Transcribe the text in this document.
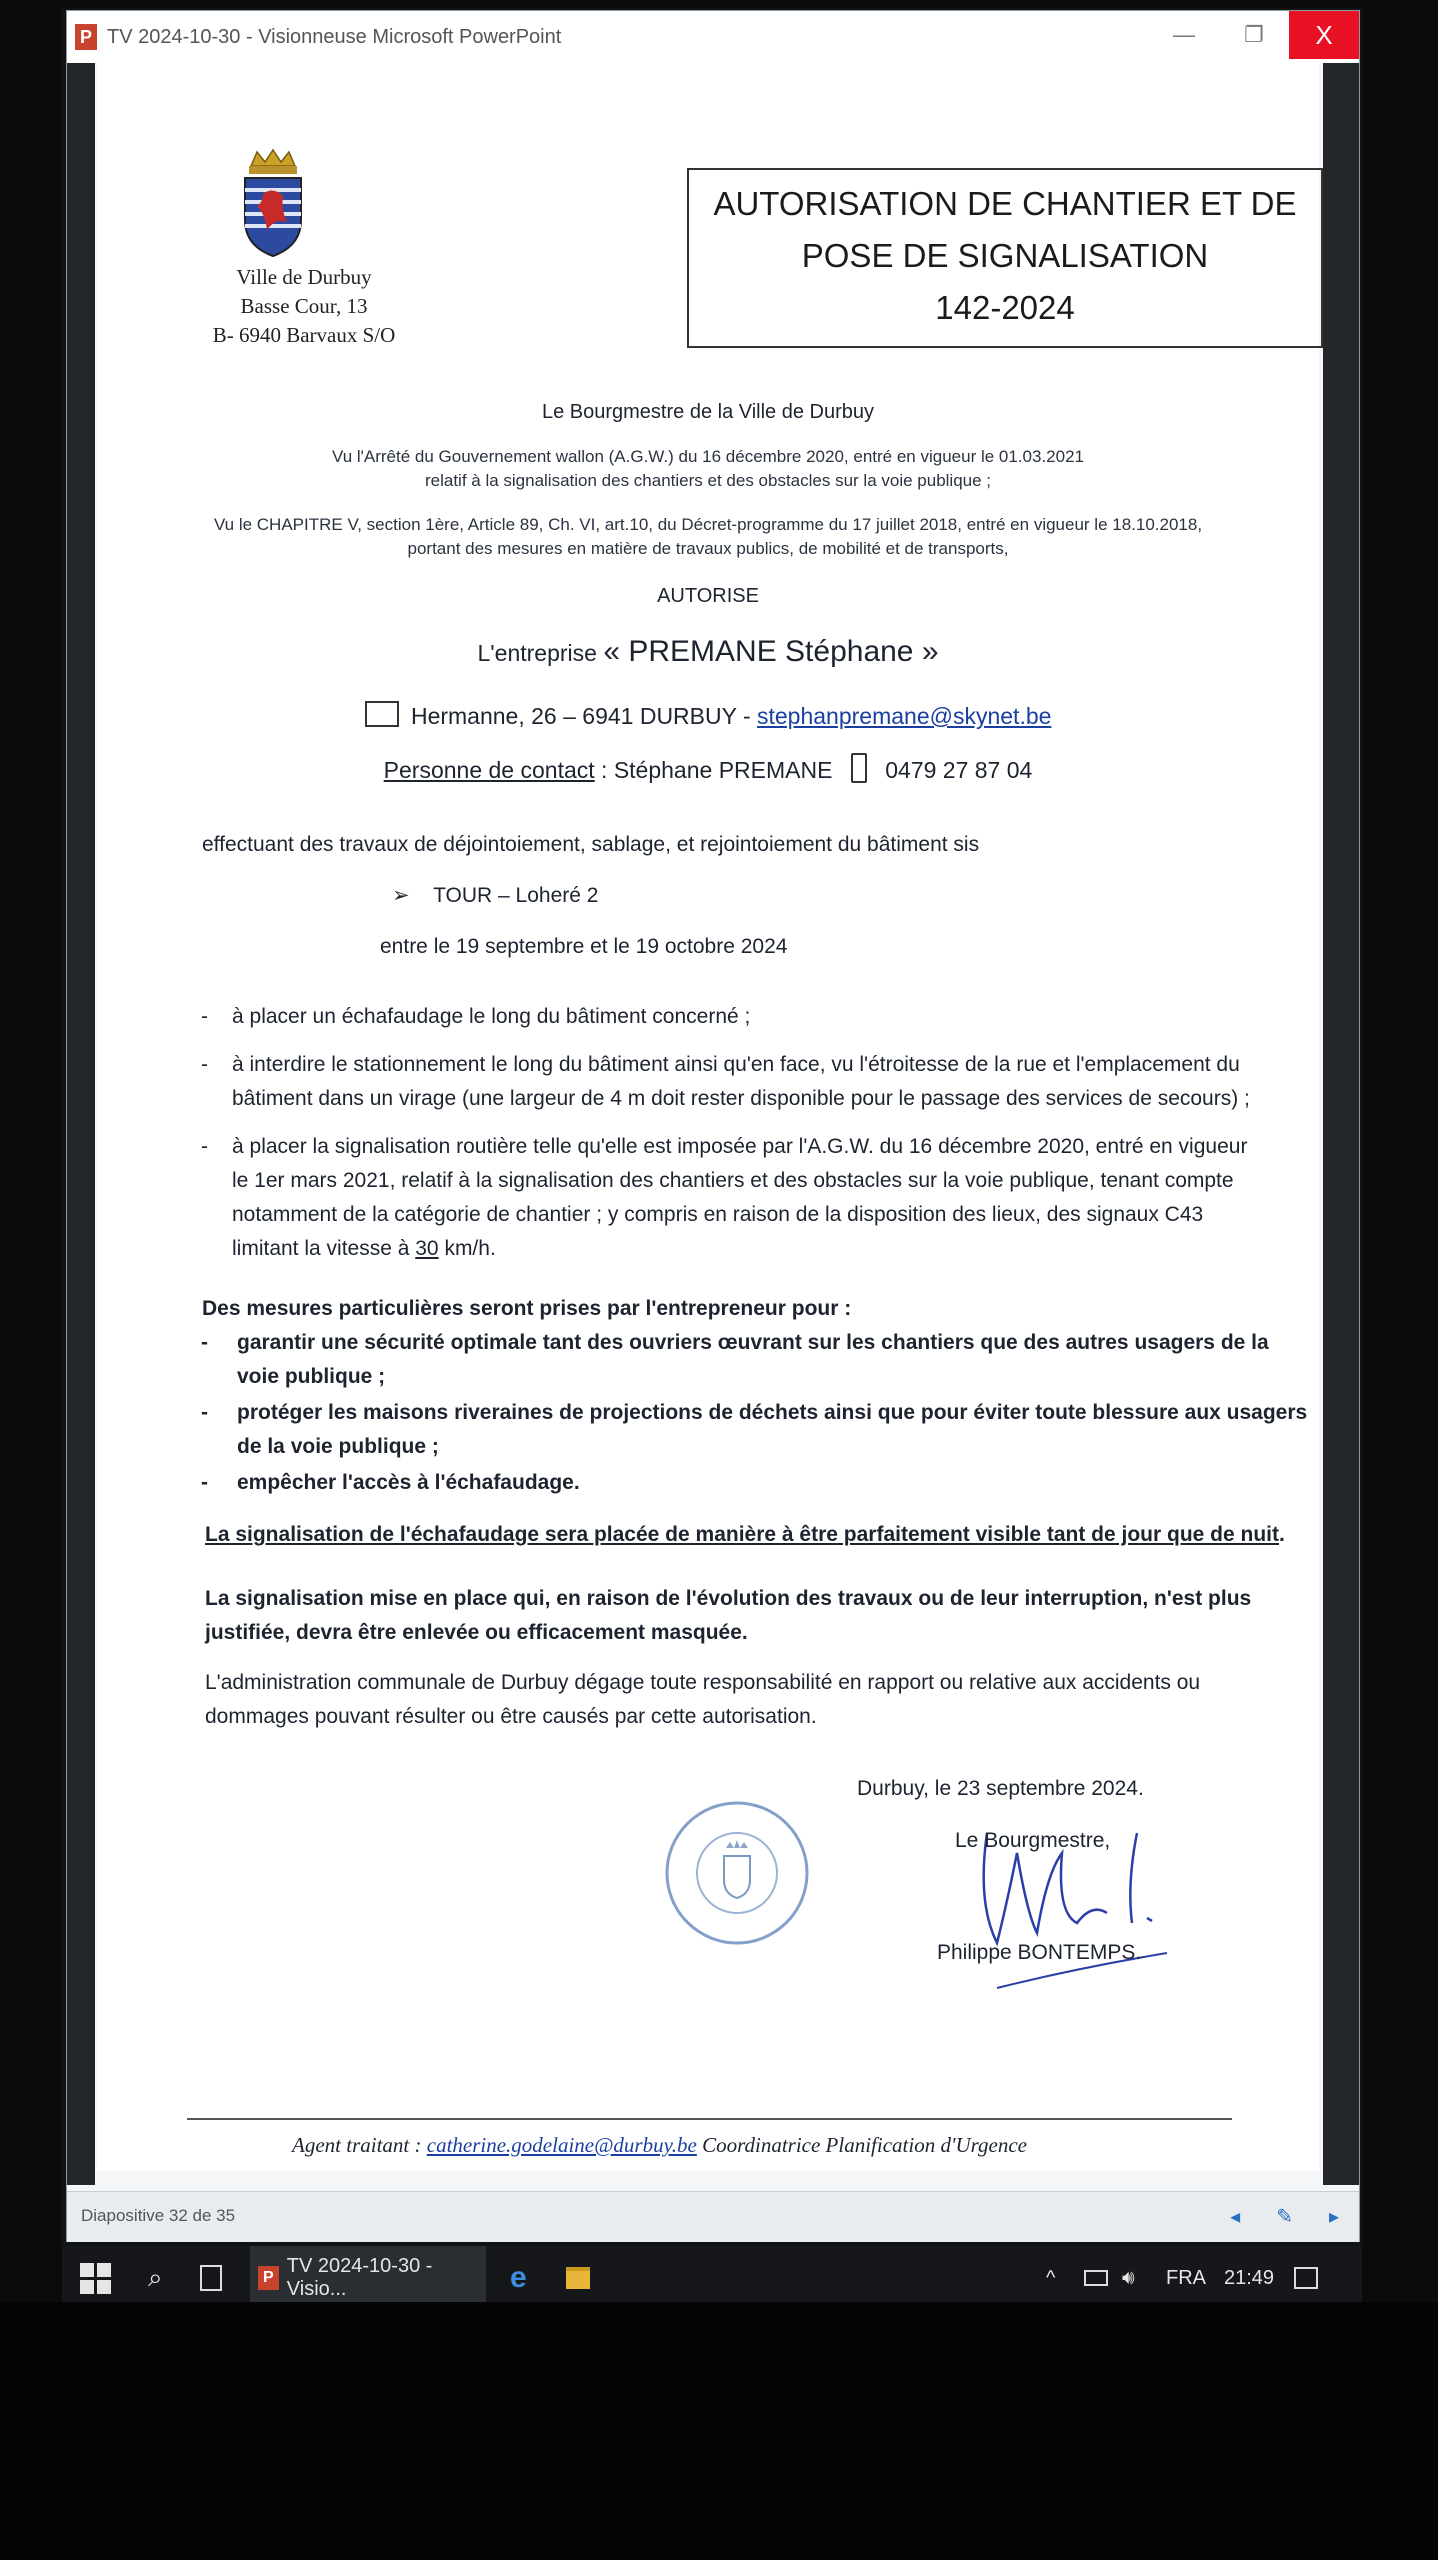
P TV 2024-10-30 - Visionneuse Microsoft PowerPoint	—	❐	X
Ville de Durbuy
Basse Cour, 13
B- 6940 Barvaux S/O
AUTORISATION DE CHANTIER ET DE
POSE DE SIGNALISATION
142-2024
Le Bourgmestre de la Ville de Durbuy
Vu l'Arrêté du Gouvernement wallon (A.G.W.) du 16 décembre 2020, entré en vigueur le 01.03.2021
relatif à la signalisation des chantiers et des obstacles sur la voie publique ;
Vu le CHAPITRE V, section 1ère, Article 89, Ch. VI, art.10, du Décret-programme du 17 juillet 2018, entré en vigueur le 18.10.2018,
portant des mesures en matière de travaux publics, de mobilité et de transports,
AUTORISE
L'entreprise « PREMANE Stéphane »
Hermanne, 26 – 6941 DURBUY - stephanpremane@skynet.be
Personne de contact : Stéphane PREMANE 0479 27 87 04
effectuant des travaux de déjointoiement, sablage, et rejointoiement du bâtiment sis
➢ TOUR – Loheré 2
entre le 19 septembre et le 19 octobre 2024
- à placer un échafaudage le long du bâtiment concerné ;
- à interdire le stationnement le long du bâtiment ainsi qu'en face, vu l'étroitesse de la rue et l'emplacement du
bâtiment dans un virage (une largeur de 4 m doit rester disponible pour le passage des services de secours) ;
- à placer la signalisation routière telle qu'elle est imposée par l'A.G.W. du 16 décembre 2020, entré en vigueur
le 1er mars 2021, relatif à la signalisation des chantiers et des obstacles sur la voie publique, tenant compte
notamment de la catégorie de chantier ; y compris en raison de la disposition des lieux, des signaux C43
limitant la vitesse à 30 km/h.
Des mesures particulières seront prises par l'entrepreneur pour :
- garantir une sécurité optimale tant des ouvriers œuvrant sur les chantiers que des autres usagers de la
voie publique ;
- protéger les maisons riveraines de projections de déchets ainsi que pour éviter toute blessure aux usagers
de la voie publique ;
- empêcher l'accès à l'échafaudage.
La signalisation de l'échafaudage sera placée de manière à être parfaitement visible tant de jour que de nuit.
La signalisation mise en place qui, en raison de l'évolution des travaux ou de leur interruption, n'est plus
justifiée, devra être enlevée ou efficacement masquée.
L'administration communale de Durbuy dégage toute responsabilité en rapport ou relative aux accidents ou
dommages pouvant résulter ou être causés par cette autorisation.
Durbuy, le 23 septembre 2024.
Le Bourgmestre,
Philippe BONTEMPS.
Agent traitant : catherine.godelaine@durbuy.be Coordinatrice Planification d'Urgence
Diapositive 32 de 35	◂ ✎ ▸
⌕	P
TV 2024-10-30 - Visio...	e	^	🔊︎ FRA 21:49
